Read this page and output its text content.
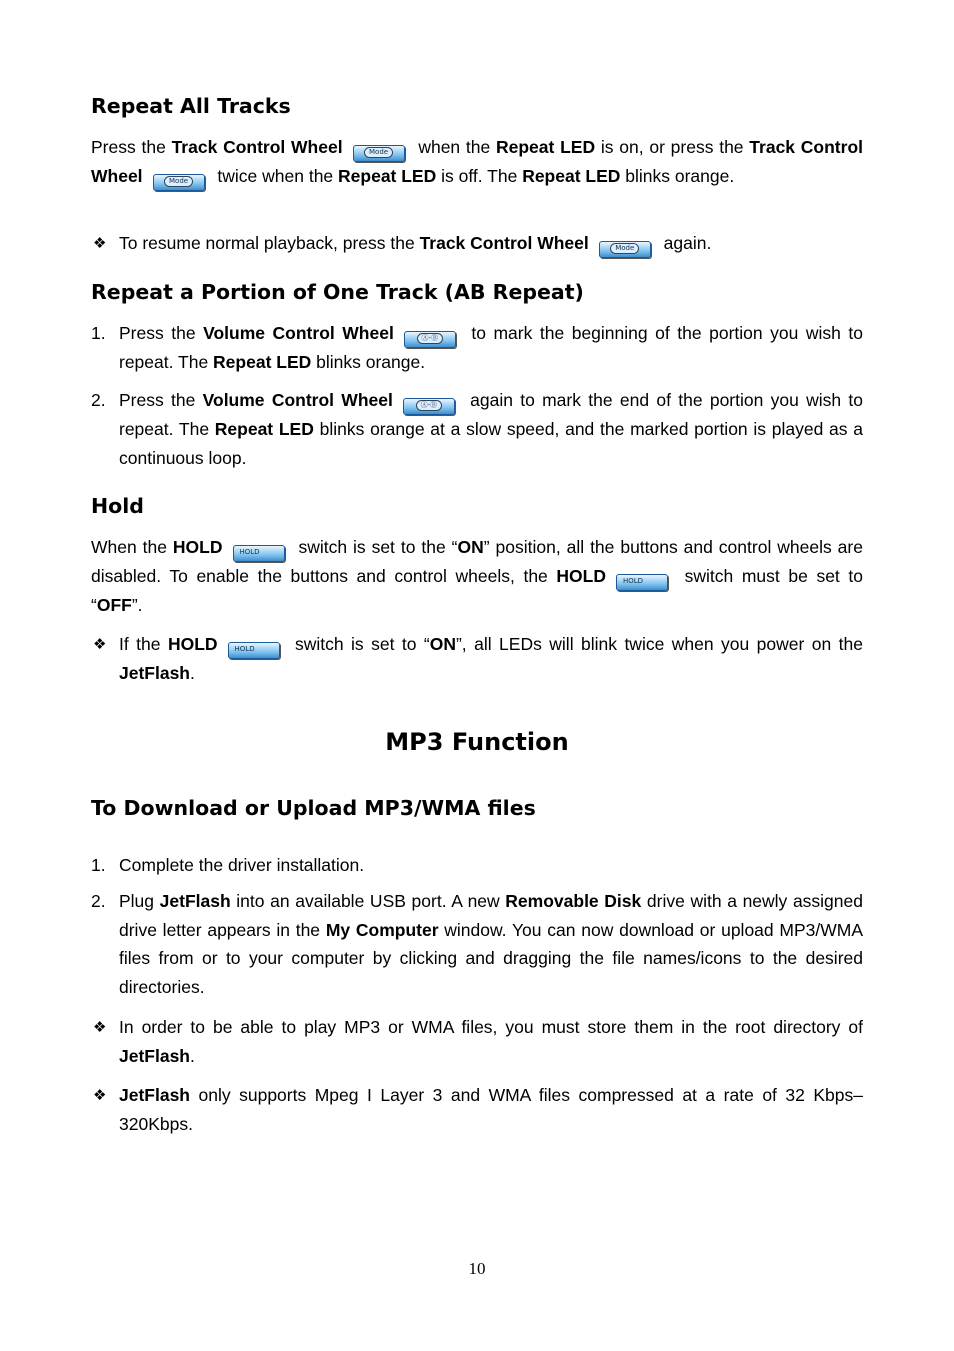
Repeat All Tracks
Press the Track Control Wheel	Mode when the Repeat LED is on, or press the Track Control Wheel	Mode twice when the Repeat LED is off. The Repeat LED blinks orange.
❖ To resume normal playback, press the Track Control Wheel	Mode again.
Repeat a Portion of One Track (AB Repeat)
1. Press the Volume Control Wheel	Ⓐ-Ⓑ to mark the beginning of the portion you wish to repeat. The Repeat LED blinks orange.
2. Press the Volume Control Wheel	Ⓐ-Ⓑ again to mark the end of the portion you wish to repeat. The Repeat LED blinks orange at a slow speed, and the marked portion is played as a continuous loop.
Hold
When the HOLD HOLD switch is set to the “ON” position, all the buttons and control wheels are disabled. To enable the buttons and control wheels, the HOLD HOLD switch must be set to “OFF”.
❖ If the HOLD HOLD switch is set to “ON”, all LEDs will blink twice when you power on the JetFlash.
MP3 Function
To Download or Upload MP3/WMA files
1. Complete the driver installation.
2. Plug JetFlash into an available USB port. A new Removable Disk drive with a newly assigned drive letter appears in the My Computer window. You can now download or upload MP3/WMA files from or to your computer by clicking and dragging the file names/icons to the desired directories.
❖ In order to be able to play MP3 or WMA files, you must store them in the root directory of JetFlash.
❖ JetFlash only supports Mpeg I Layer 3 and WMA files compressed at a rate of 32 Kbps–320Kbps.
10
